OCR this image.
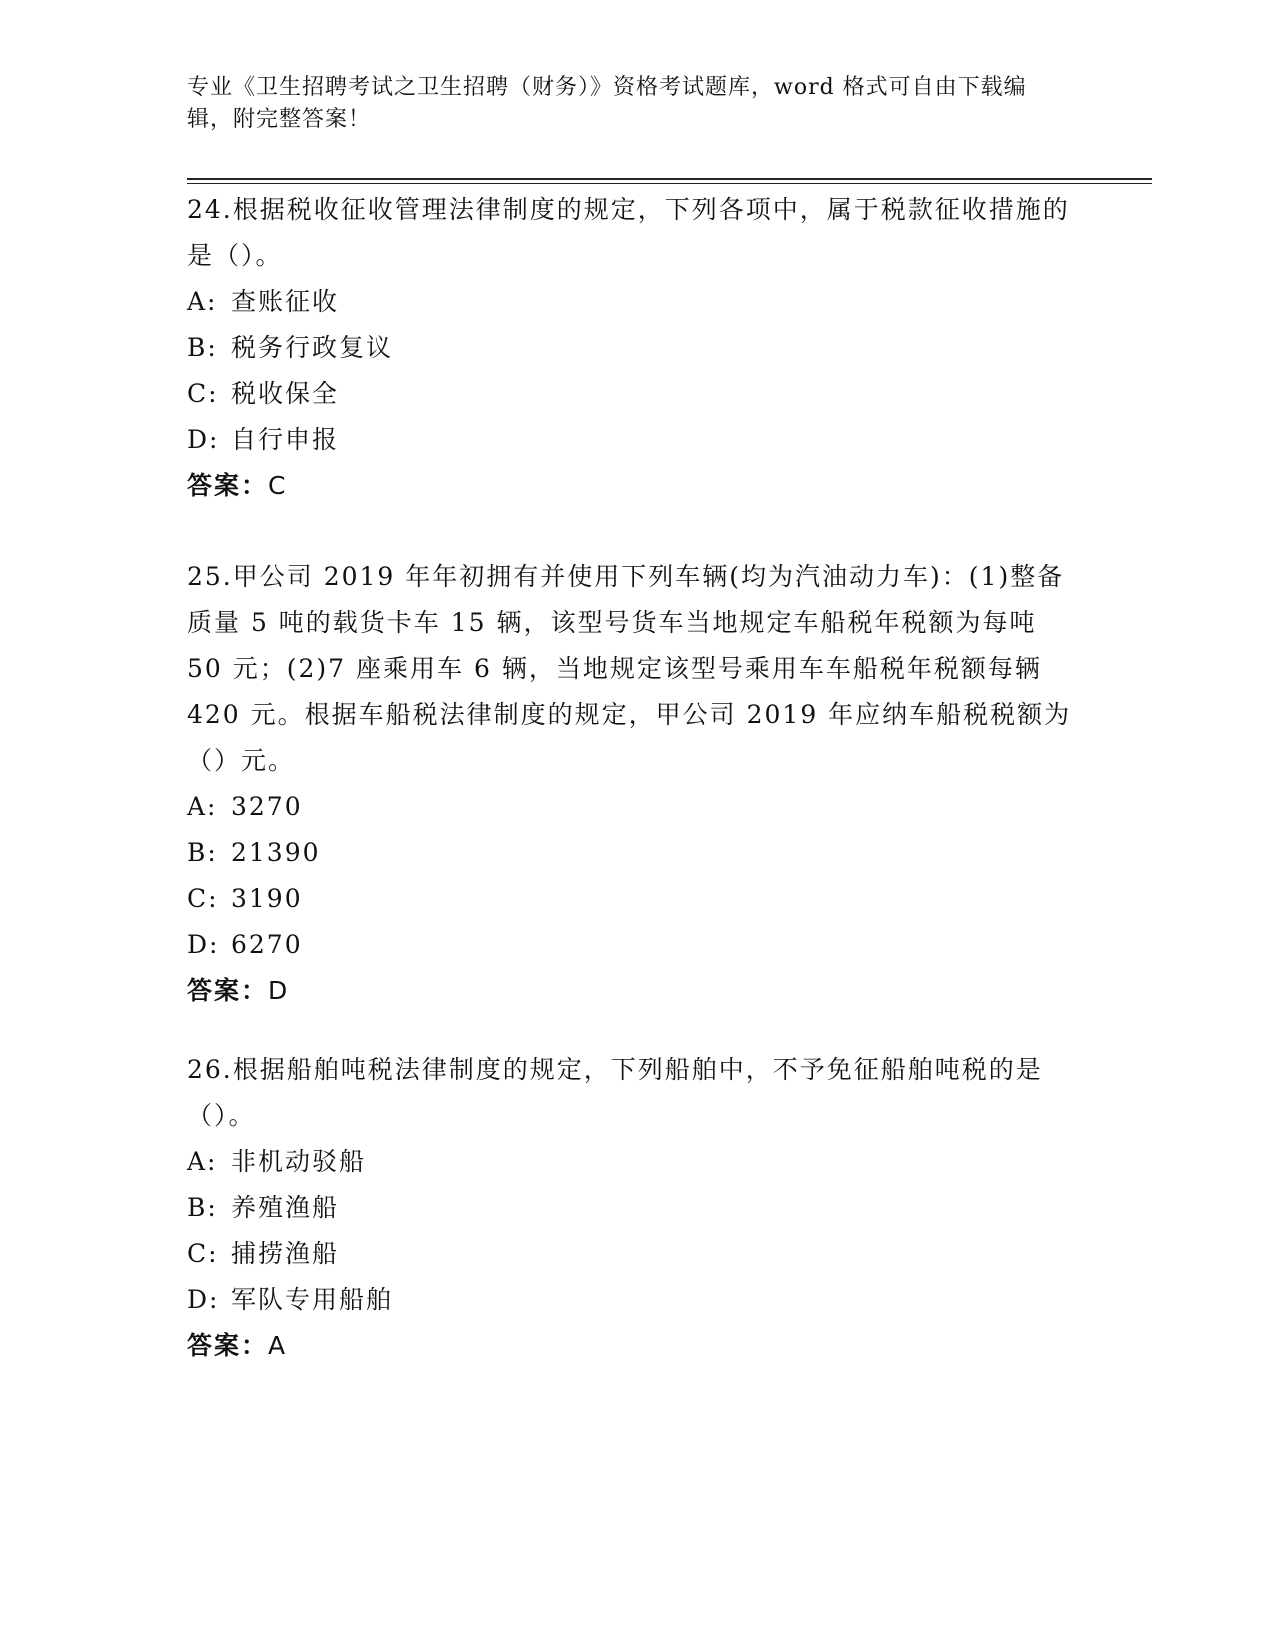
专业《卫生招聘考试之卫生招聘（财务）》资格考试题库，word 格式可自由下载编辑，附完整答案！

24.根据税收征收管理法律制度的规定，下列各项中，属于税款征收措施的是（）。

A: 查账征收
B: 税务行政复议
C: 税收保全
D: 自行申报

答案：C

25.甲公司 2019 年年初拥有并使用下列车辆(均为汽油动力车)：(1)整备质量 5 吨的载货卡车 15 辆，该型号货车当地规定车船税年税额为每吨 50 元；(2)7 座乘用车 6 辆，当地规定该型号乘用车车船税年税额每辆 420 元。根据车船税法律制度的规定，甲公司 2019 年应纳车船税税额为（）元。

A: 3270
B: 21390
C: 3190
D: 6270

答案：D

26.根据船舶吨税法律制度的规定，下列船舶中，不予免征船舶吨税的是（）。

A: 非机动驳船
B: 养殖渔船
C: 捕捞渔船
D: 军队专用船舶

答案：A
